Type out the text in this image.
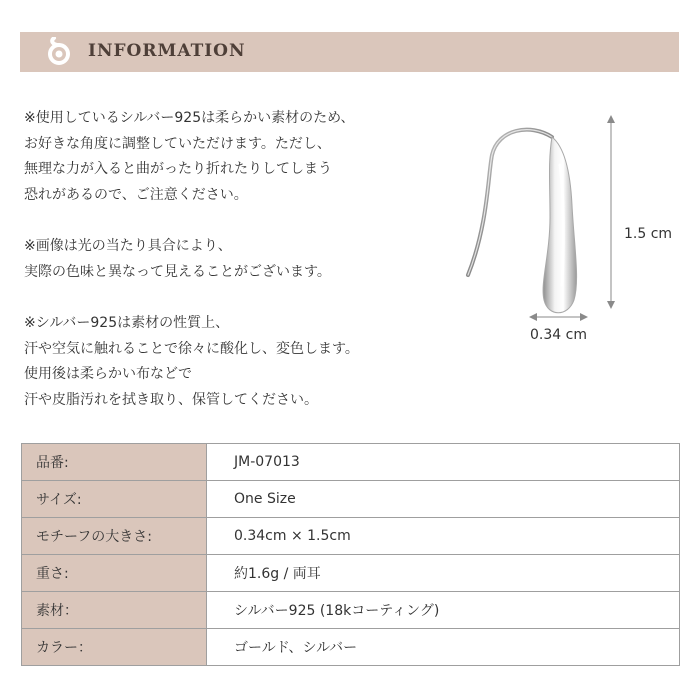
INFORMATION
※使用しているシルバー925は柔らかい素材のため、
お好きな角度に調整していただけます。ただし、
無理な力が入ると曲がったり折れたりしてしまう
恐れがあるので、ご注意ください。
※画像は光の当たり具合により、
実際の色味と異なって見えることがございます。
※シルバー925は素材の性質上、
汗や空気に触れることで徐々に酸化し、変色します。
使用後は柔らかい布などで
汗や皮脂汚れを拭き取り、保管してください。
1.5 cm
0.34 cm
品番:	JM-07013
サイズ:	One Size
モチーフの大きさ:	0.34cm × 1.5cm
重さ:	約1.6g / 両耳
素材：	シルバー925 (18kコーティング)
カラー：	ゴールド、シルバー
